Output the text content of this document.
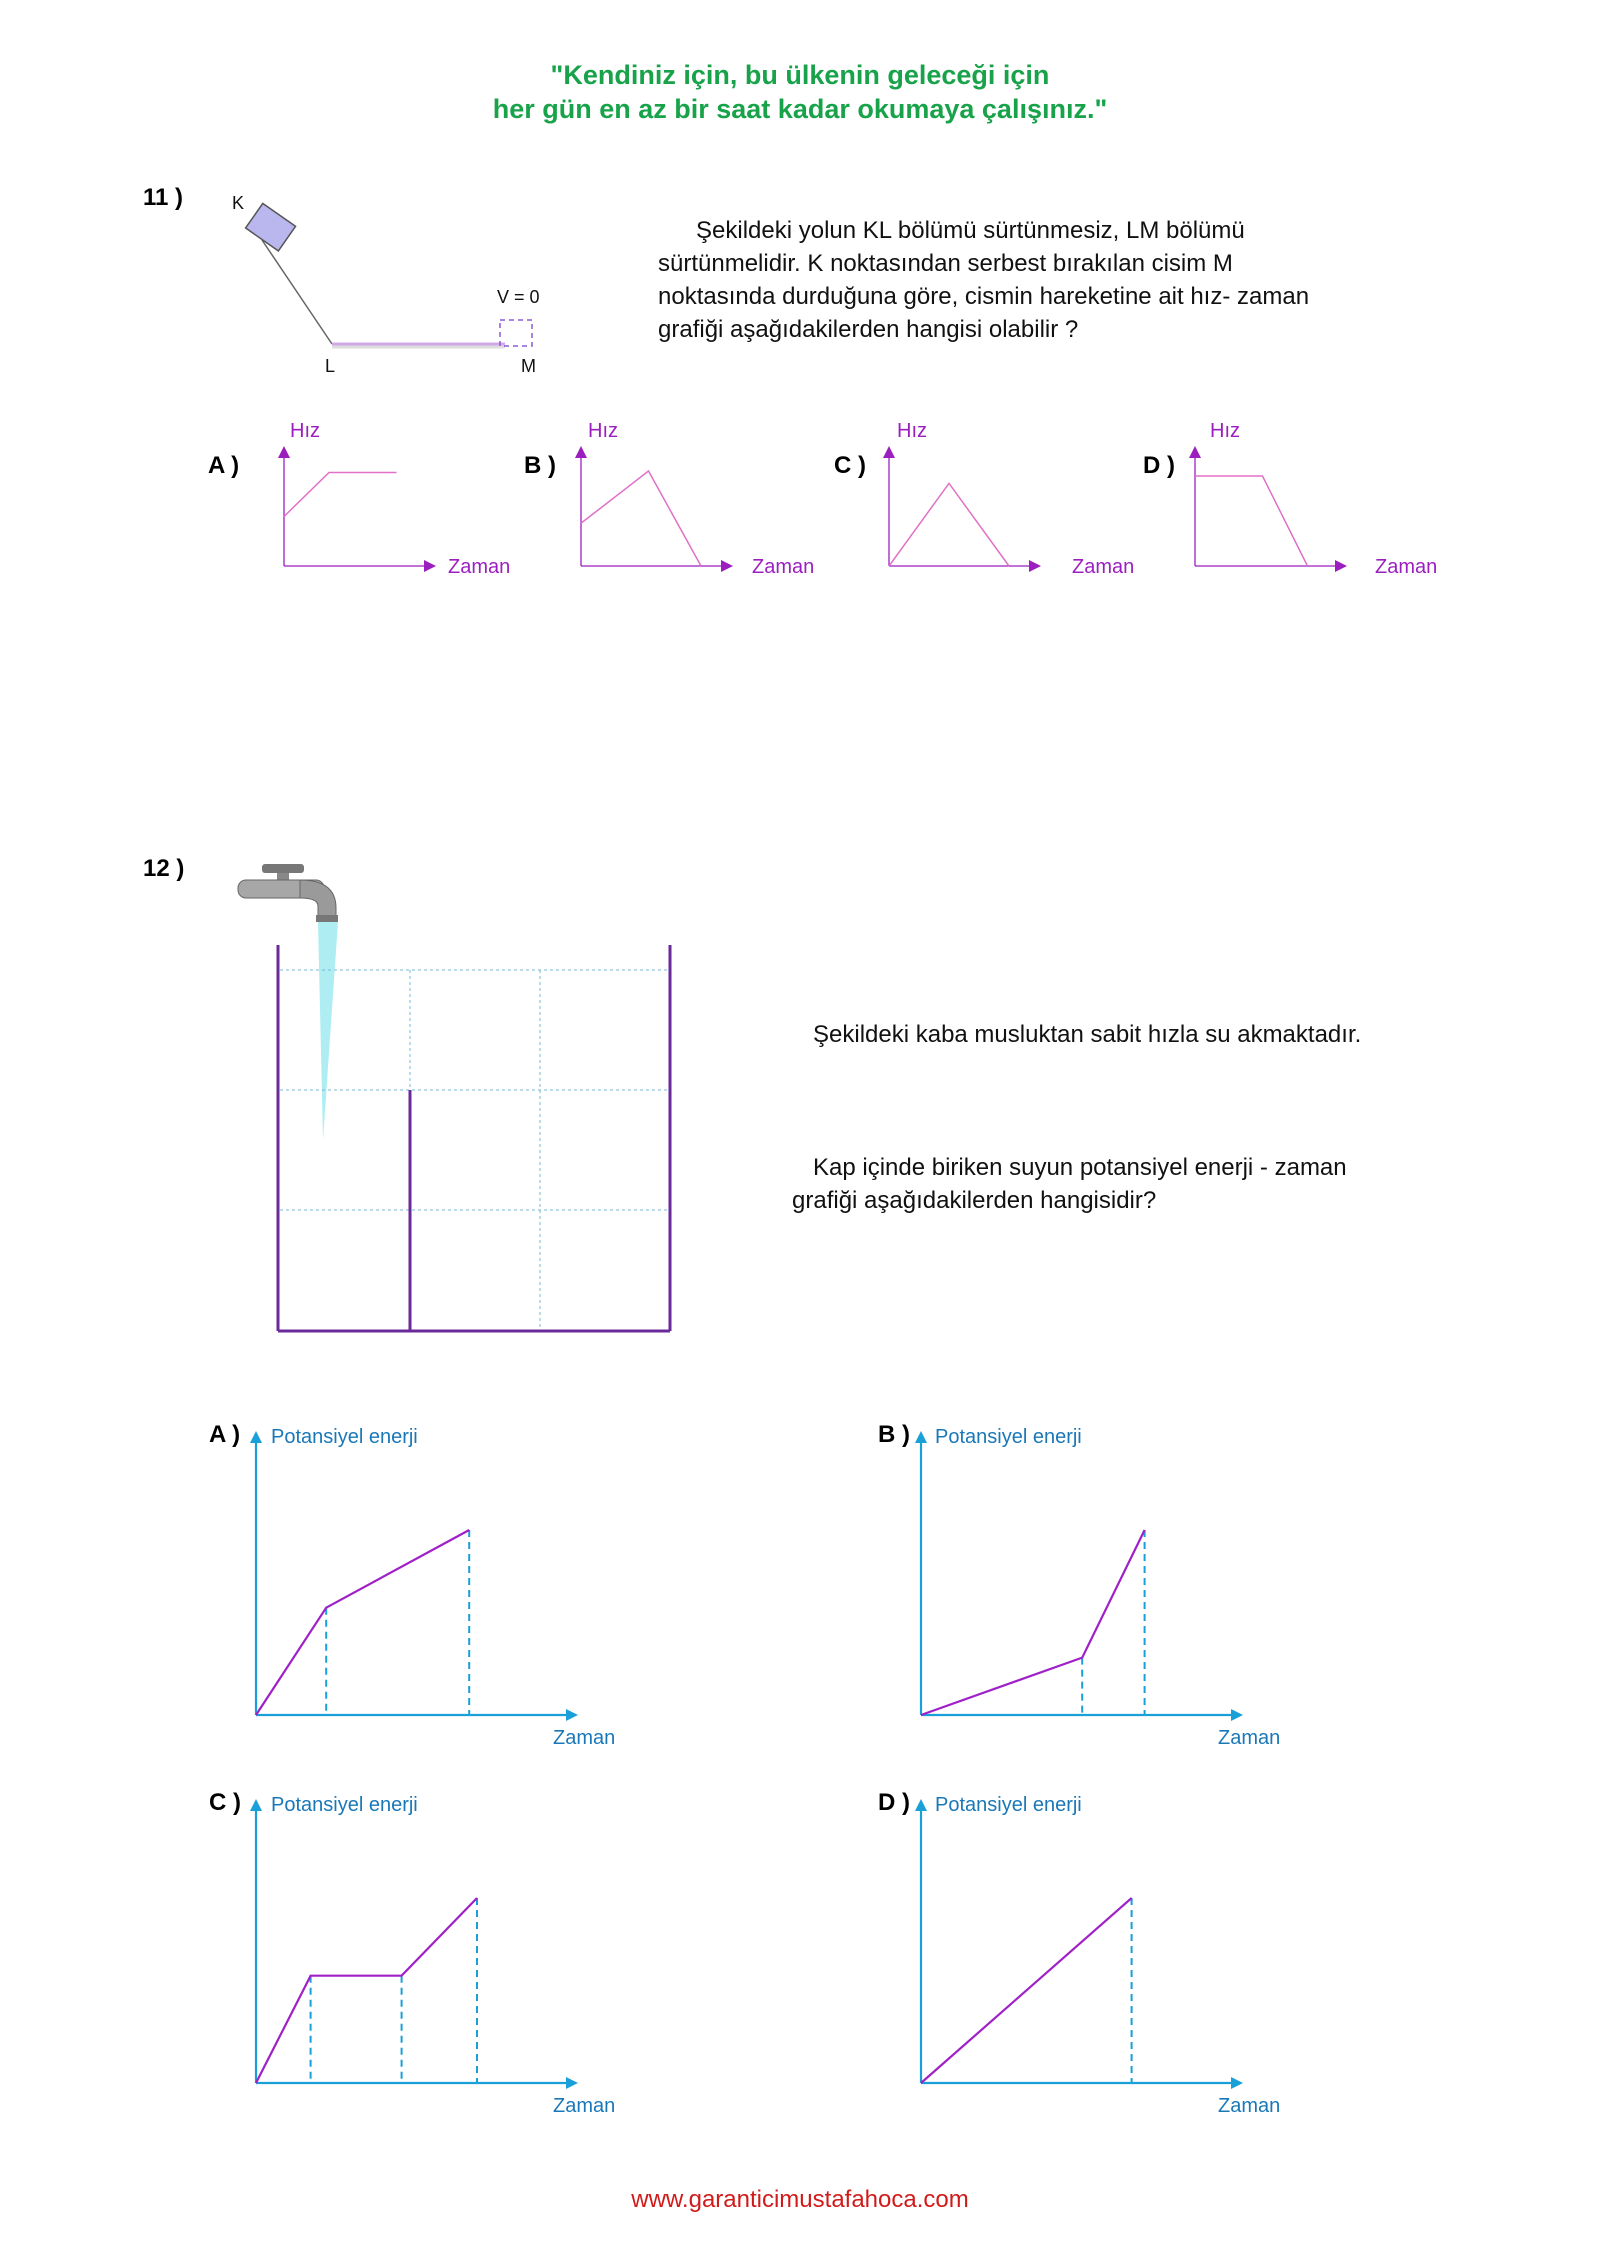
"Kendiniz için, bu ülkenin geleceği için
her gün en az bir saat kadar okumaya çalışınız."
11 )	K
L	M
V = 0
Şekildeki yolun KL bölümü sürtünmesiz, LM bölümü
sürtünmelidir. K noktasından serbest bırakılan cisim M
noktasında durduğuna göre, cismin hareketine ait hız- zaman
grafiği aşağıdakilerden hangisi olabilir ?
A )	B )	C )	D )
Hız
Zaman
Hız
Zaman
Hız
Zaman
Hız
Zaman
12 )
Şekildeki kaba musluktan sabit hızla su akmaktadır.
Kap içinde biriken suyun potansiyel enerji - zaman
grafiği aşağıdakilerden hangisidir?
A )	B )
C )	D )
Potansiyel enerji
Zaman
Potansiyel enerji
Zaman
Potansiyel enerji
Zaman
Potansiyel enerji
Zaman
www.garanticimustafahoca.com
